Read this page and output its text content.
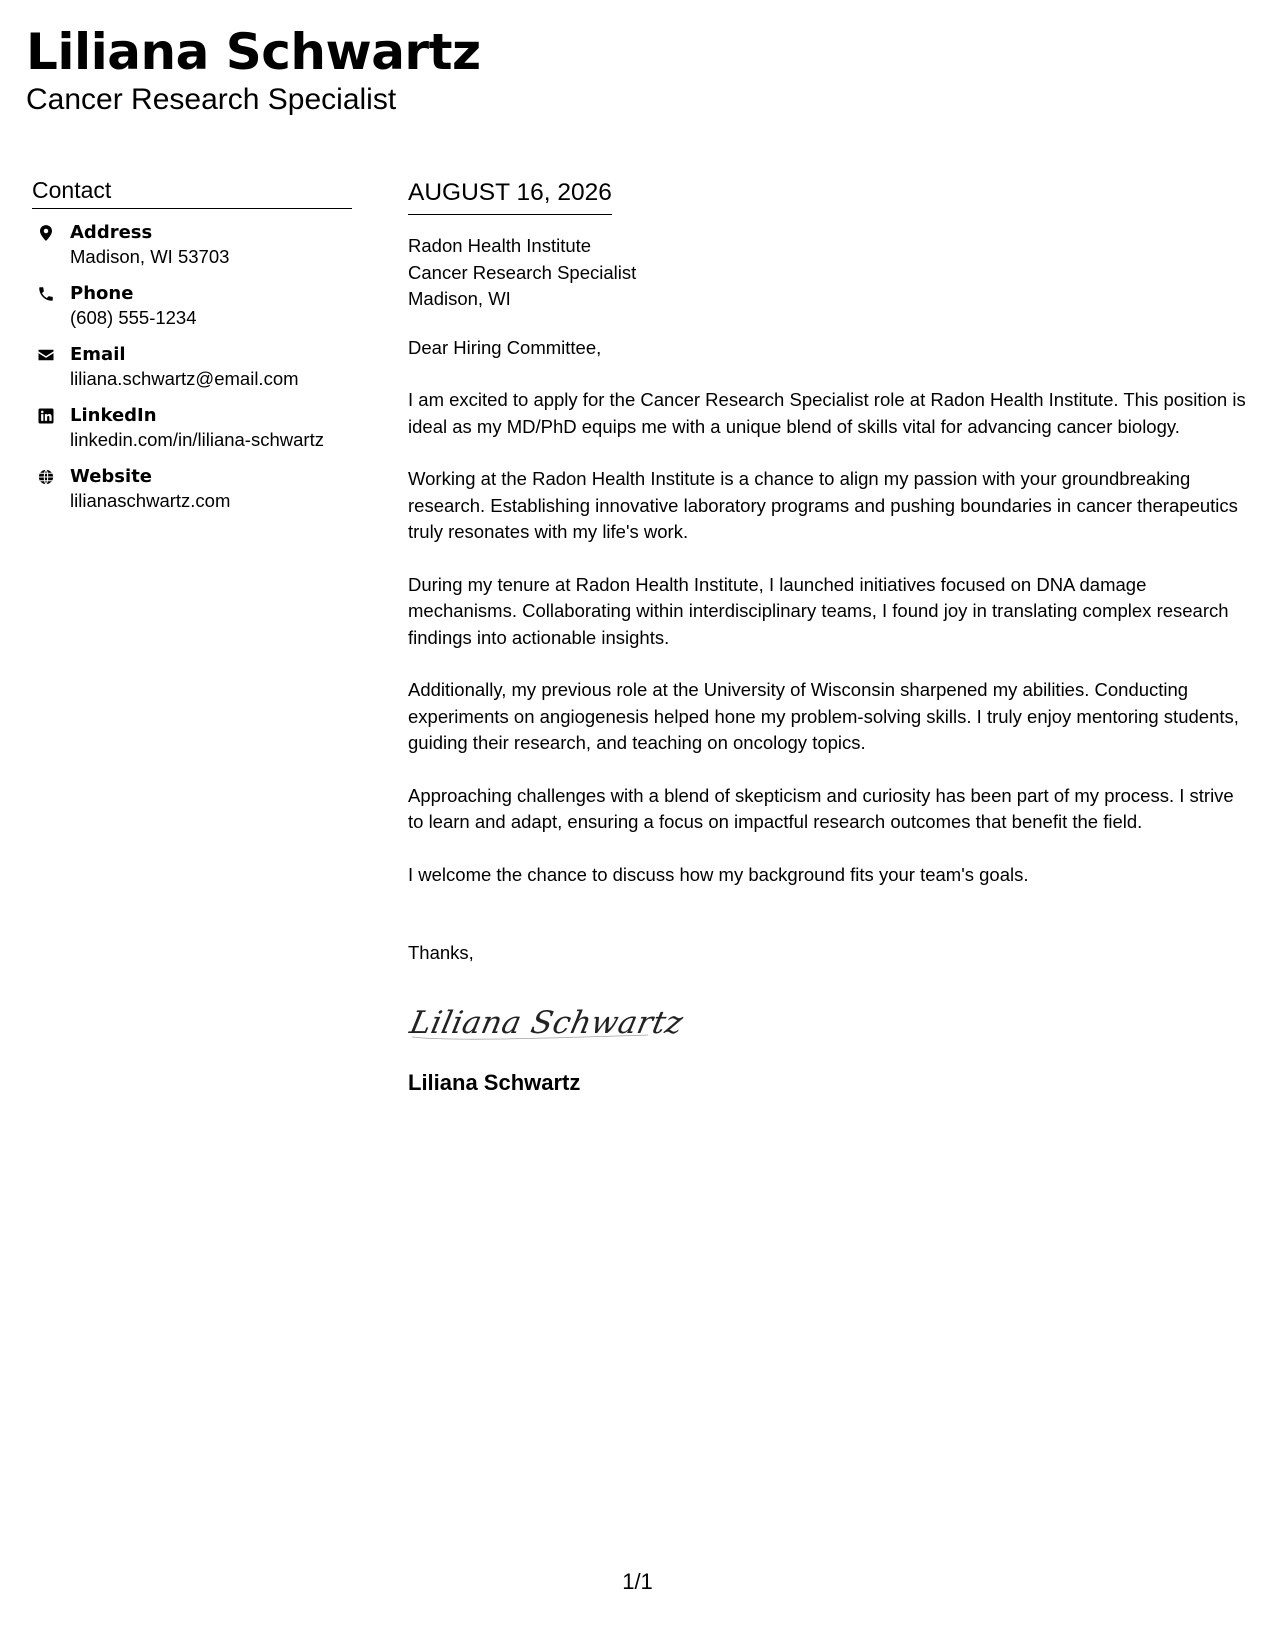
Liliana Schwartz
Cancer Research Specialist
Contact
Address
Madison, WI 53703
Phone
(608) 555-1234
Email
liliana.schwartz@email.com
LinkedIn
linkedin.com/in/liliana-schwartz
Website
lilianaschwartz.com
AUGUST 16, 2026
Radon Health Institute
Cancer Research Specialist
Madison, WI
Dear Hiring Committee,
I am excited to apply for the Cancer Research Specialist role at Radon Health Institute. This position is ideal as my MD/PhD equips me with a unique blend of skills vital for advancing cancer biology.
Working at the Radon Health Institute is a chance to align my passion with your groundbreaking research. Establishing innovative laboratory programs and pushing boundaries in cancer therapeutics truly resonates with my life's work.
During my tenure at Radon Health Institute, I launched initiatives focused on DNA damage mechanisms. Collaborating within interdisciplinary teams, I found joy in translating complex research findings into actionable insights.
Additionally, my previous role at the University of Wisconsin sharpened my abilities. Conducting experiments on angiogenesis helped hone my problem-solving skills. I truly enjoy mentoring students, guiding their research, and teaching on oncology topics.
Approaching challenges with a blend of skepticism and curiosity has been part of my process. I strive to learn and adapt, ensuring a focus on impactful research outcomes that benefit the field.
I welcome the chance to discuss how my background fits your team's goals.
Thanks,
Liliana Schwartz
Liliana Schwartz
1/1
